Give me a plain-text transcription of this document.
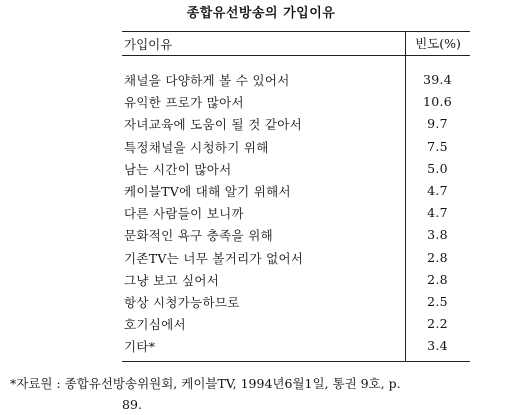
종합유선방송의 가입이유
가입이유	빈도(%)
채널을 다양하게 볼 수 있어서	39.4
유익한 프로가 많아서	10.6
자녀교육에 도움이 될 것 같아서	9.7
특정채널을 시청하기 위해	7.5
남는 시간이 많아서	5.0
케이블TV에 대해 알기 위해서	4.7
다른 사람들이 보니까	4.7
문화적인 욕구 충족을 위해	3.8
기존TV는 너무 볼거리가 없어서	2.8
그냥 보고 싶어서	2.8
항상 시청가능하므로	2.5
호기심에서	2.2
기타*	3.4
*자료원 : 종합유선방송위원회, 케이블TV, 1994년6월1일, 통권 9호, p.
89.
